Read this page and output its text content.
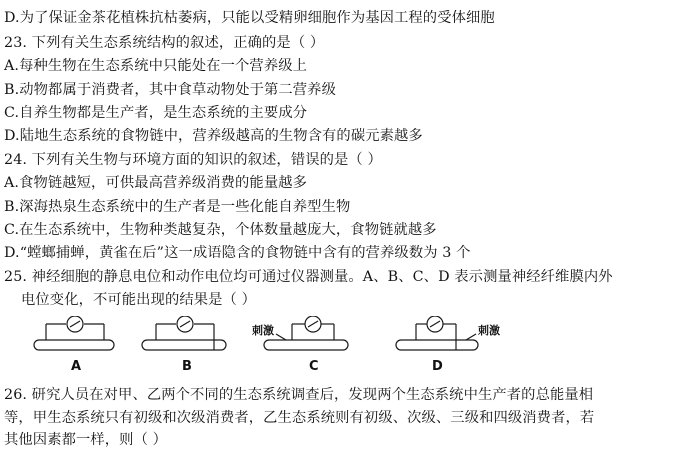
D.为了保证金茶花植株抗枯萎病，只能以受精卵细胞作为基因工程的受体细胞
23. 下列有关生态系统结构的叙述，正确的是（ ）
A.每种生物在生态系统中只能处在一个营养级上
B.动物都属于消费者，其中食草动物处于第二营养级
C.自养生物都是生产者，是生态系统的主要成分
D.陆地生态系统的食物链中，营养级越高的生物含有的碳元素越多
24. 下列有关生物与环境方面的知识的叙述，错误的是（ ）
A.食物链越短，可供最高营养级消费的能量越多
B.深海热泉生态系统中的生产者是一些化能自养型生物
C.在生态系统中，生物种类越复杂，个体数量越庞大，食物链就越多
D.“螳螂捕蝉，黄雀在后”这一成语隐含的食物链中含有的营养级数为 3 个
25. 神经细胞的静息电位和动作电位均可通过仪器测量。A、B、C、D 表示测量神经纤维膜内外
电位变化，不可能出现的结果是（ ）
A	B
刺激
C
刺激
D
26. 研究人员在对甲、乙两个不同的生态系统调查后，发现两个生态系统中生产者的总能量相
等，甲生态系统只有初级和次级消费者，乙生态系统则有初级、次级、三级和四级消费者，若
其他因素都一样，则（ ）
